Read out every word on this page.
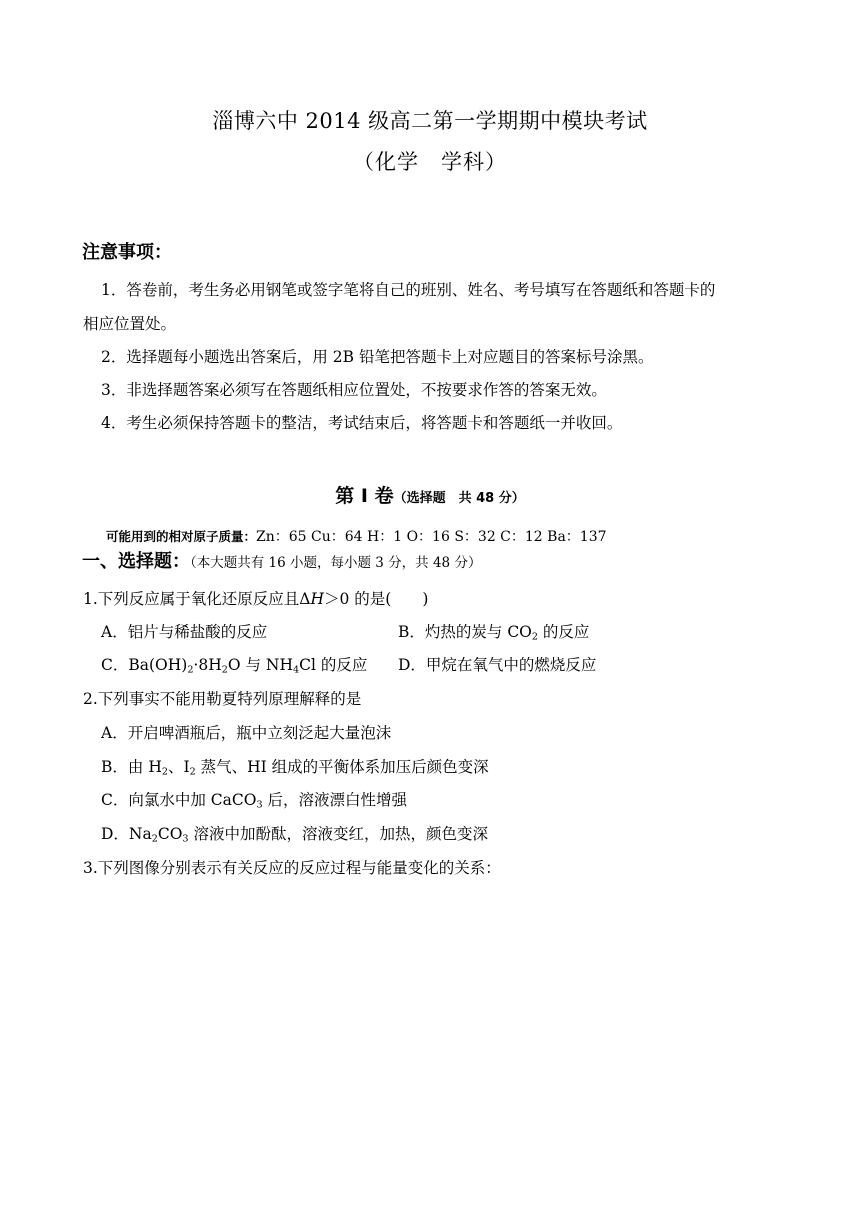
淄博六中 2014 级高二第一学期期中模块考试
（化学　学科）
注意事项：
1．答卷前，考生务必用钢笔或签字笔将自己的班别、姓名、考号填写在答题纸和答题卡的
相应位置处。
2．选择题每小题选出答案后，用 2B 铅笔把答题卡上对应题目的答案标号涂黑。
3．非选择题答案必须写在答题纸相应位置处，不按要求作答的答案无效。
4．考生必须保持答题卡的整洁，考试结束后，将答题卡和答题纸一并收回。
第 Ⅰ 卷（选择题　共 48 分）
可能用到的相对原子质量：Zn：65 Cu：64 H：1 O：16 S：32 C：12 Ba：137
一、选择题：（本大题共有 16 小题，每小题 3 分，共 48 分）
1.下列反应属于氧化还原反应且ΔH＞0 的是(　　)
A．铝片与稀盐酸的反应	B．灼热的炭与 $CO_2$ 的反应
C．$Ba(OH)_2\cdot 8H_2O$ 与 $NH_4Cl$ 的反应 D．甲烷在氧气中的燃烧反应
2.下列事实不能用勒夏特列原理解释的是
A．开启啤酒瓶后，瓶中立刻泛起大量泡沫
B．由 $H_2$、$I_2$ 蒸气、HI 组成的平衡体系加压后颜色变深
C．向氯水中加 CaCO$_3$ 后，溶液漂白性增强
D．$Na_2CO_3$ 溶液中加酚酞，溶液变红，加热，颜色变深
3.下列图像分别表示有关反应的反应过程与能量变化的关系：
